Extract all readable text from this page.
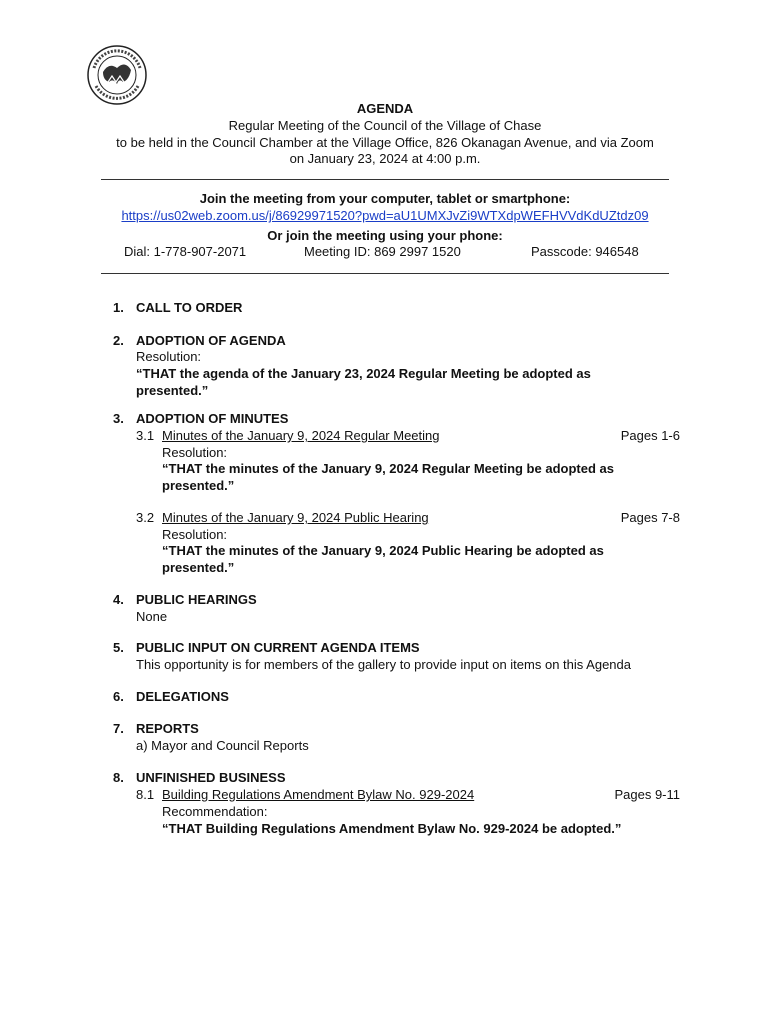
AGENDA
Regular Meeting of the Council of the Village of Chase
to be held in the Council Chamber at the Village Office, 826 Okanagan Avenue, and via Zoom
on January 23, 2024 at 4:00 p.m.
Join the meeting from your computer, tablet or smartphone:
https://us02web.zoom.us/j/86929971520?pwd=aU1UMXJvZi9WTXdpWEFHVVdKdUZtdz09
Or join the meeting using your phone:
Dial: 1-778-907-2071	Meeting ID: 869 2997 1520	Passcode: 946548
1. CALL TO ORDER
2. ADOPTION OF AGENDA
Resolution:
“THAT the agenda of the January 23, 2024 Regular Meeting be adopted as
presented.”
3. ADOPTION OF MINUTES
3.1 Minutes of the January 9, 2024 Regular Meeting	Pages 1-6
Resolution:
“THAT the minutes of the January 9, 2024 Regular Meeting be adopted as
presented.”
3.2 Minutes of the January 9, 2024 Public Hearing	Pages 7-8
Resolution:
“THAT the minutes of the January 9, 2024 Public Hearing be adopted as
presented.”
4. PUBLIC HEARINGS
None
5. PUBLIC INPUT ON CURRENT AGENDA ITEMS
This opportunity is for members of the gallery to provide input on items on this Agenda
6. DELEGATIONS
7. REPORTS
a) Mayor and Council Reports
8. UNFINISHED BUSINESS
8.1 Building Regulations Amendment Bylaw No. 929-2024	Pages 9-11
Recommendation:
“THAT Building Regulations Amendment Bylaw No. 929-2024 be adopted.”
